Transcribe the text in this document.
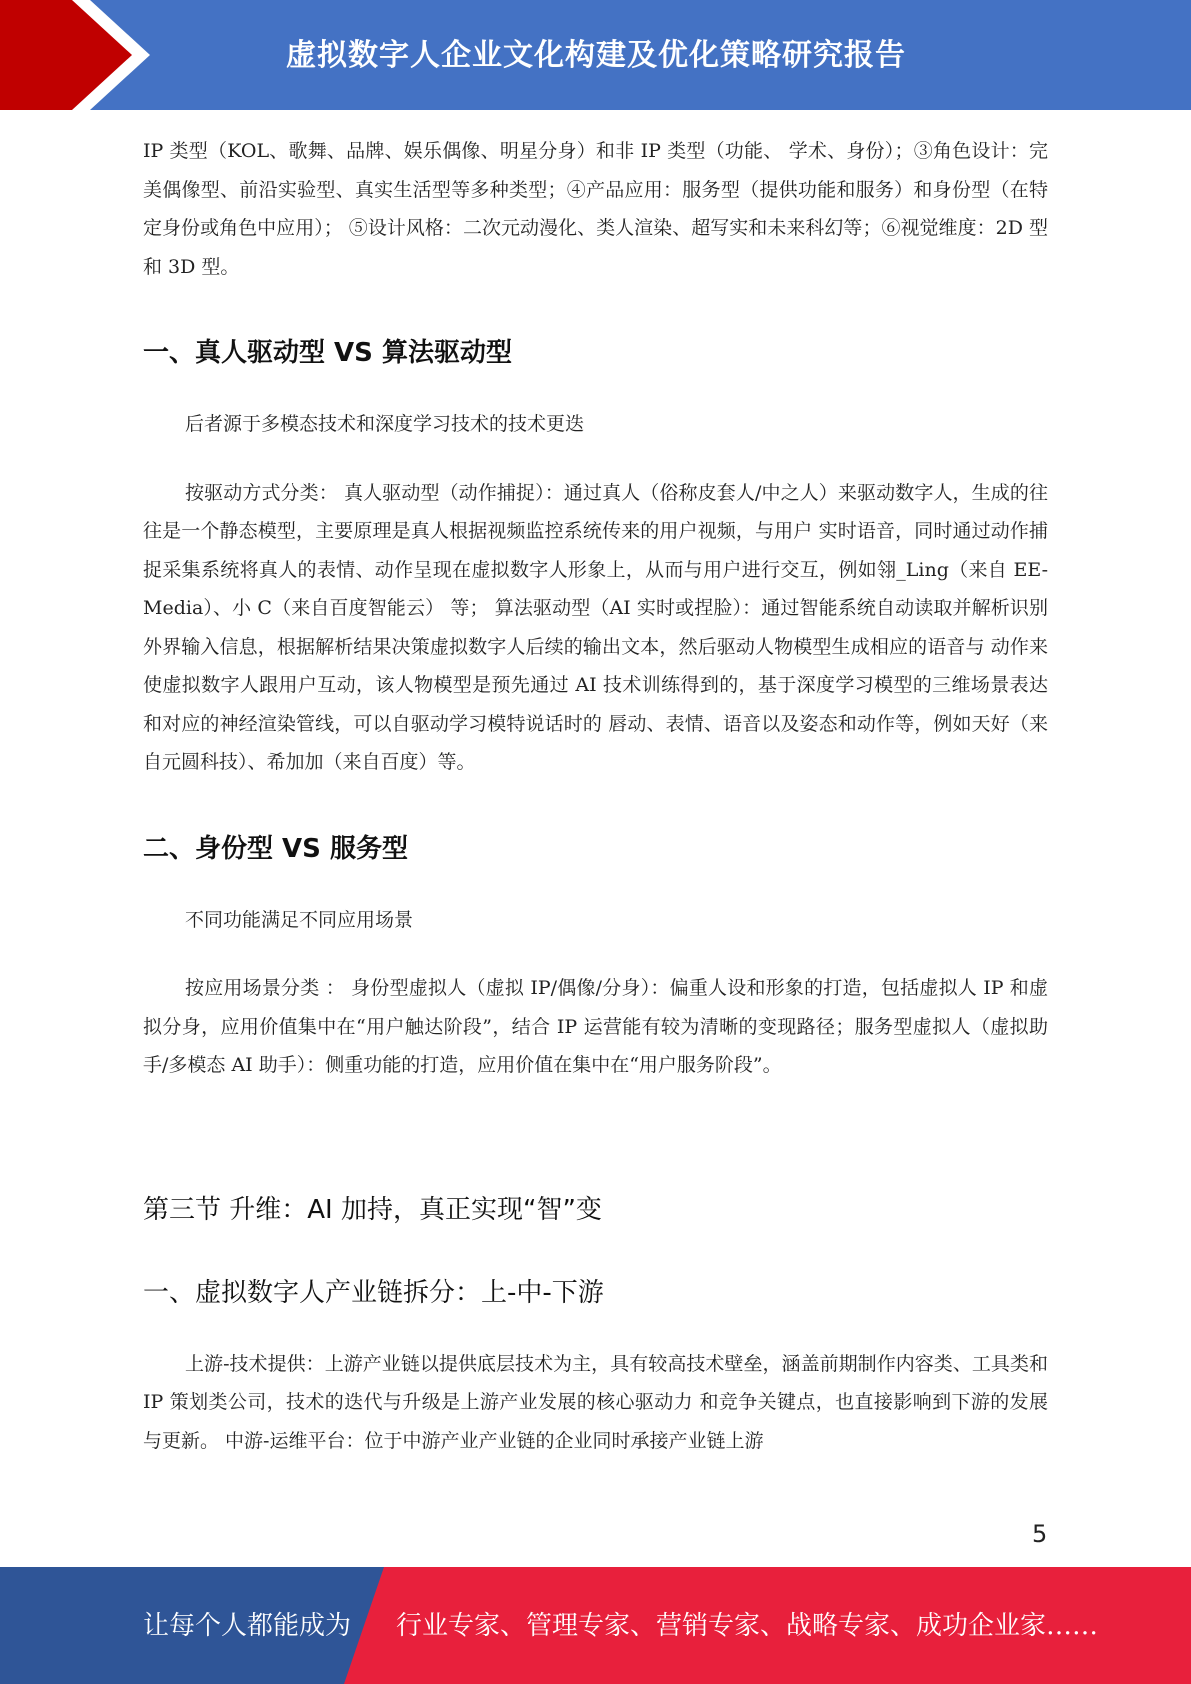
虚拟数字人企业文化构建及优化策略研究报告

IP 类型（KOL、歌舞、品牌、娱乐偶像、明星分身）和非 IP 类型（功能、 学术、身份）；③角色设计：完美偶像型、前沿实验型、真实生活型等多种类型；④产品应用：服务型（提供功能和服务）和身份型（在特定身份或角色中应用）； ⑤设计风格：二次元动漫化、类人渲染、超写实和未来科幻等；⑥视觉维度：2D 型和 3D 型。

一、真人驱动型 VS 算法驱动型

后者源于多模态技术和深度学习技术的技术更迭

按驱动方式分类： 真人驱动型（动作捕捉）：通过真人（俗称皮套人/中之人）来驱动数字人，生成的往往是一个静态模型，主要原理是真人根据视频监控系统传来的用户视频，与用户 实时语音，同时通过动作捕捉采集系统将真人的表情、动作呈现在虚拟数字人形象上，从而与用户进行交互，例如翎_Ling（来自 EE-Media）、小 C（来自百度智能云） 等； 算法驱动型（AI 实时或捏脸）：通过智能系统自动读取并解析识别外界输入信息，根据解析结果决策虚拟数字人后续的输出文本，然后驱动人物模型生成相应的语音与 动作来使虚拟数字人跟用户互动，该人物模型是预先通过 AI 技术训练得到的，基于深度学习模型的三维场景表达和对应的神经渲染管线，可以自驱动学习模特说话时的 唇动、表情、语音以及姿态和动作等，例如天好（来自元圆科技）、希加加（来自百度）等。

二、身份型 VS 服务型

不同功能满足不同应用场景

按应用场景分类 ： 身份型虚拟人（虚拟 IP/偶像/分身）：偏重人设和形象的打造，包括虚拟人 IP 和虚拟分身，应用价值集中在“用户触达阶段”，结合 IP 运营能有较为清晰的变现路径；服务型虚拟人（虚拟助手/多模态 AI 助手）：侧重功能的打造，应用价值在集中在“用户服务阶段”。

第三节 升维：AI 加持，真正实现“智”变
一、虚拟数字人产业链拆分：上-中-下游

上游-技术提供：上游产业链以提供底层技术为主，具有较高技术壁垒，涵盖前期制作内容类、工具类和 IP 策划类公司，技术的迭代与升级是上游产业发展的核心驱动力 和竞争关键点，也直接影响到下游的发展与更新。 中游-运维平台：位于中游产业产业链的企业同时承接产业链上游

5
让每个人都能成为 行业专家、管理专家、营销专家、战略专家、成功企业家……
